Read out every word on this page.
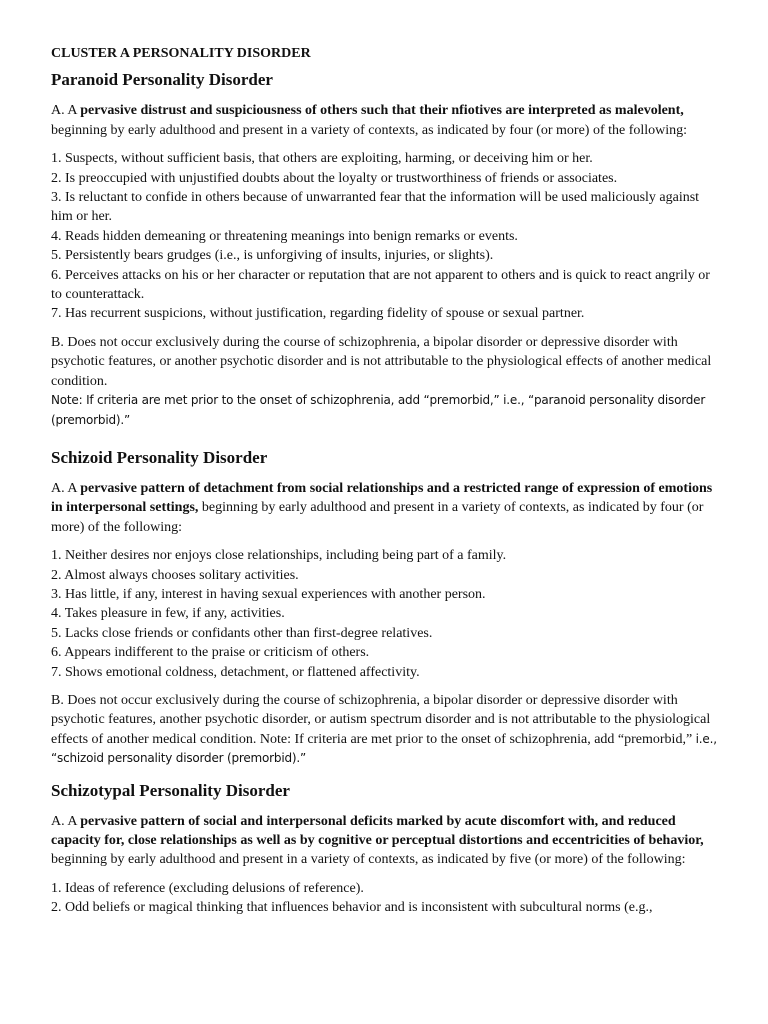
CLUSTER A PERSONALITY DISORDER
Paranoid Personality Disorder

A. A pervasive distrust and suspiciousness of others such that their nfiotives are interpreted as malevolent, beginning by early adulthood and present in a variety of contexts, as indicated by four (or more) of the following:

1. Suspects, without sufficient basis, that others are exploiting, harming, or deceiving him or her.
2. Is preoccupied with unjustified doubts about the loyalty or trustworthiness of friends or associates.
3. Is reluctant to confide in others because of unwarranted fear that the information will be used maliciously against him or her.
4. Reads hidden demeaning or threatening meanings into benign remarks or events.
5. Persistently bears grudges (i.e., is unforgiving of insults, injuries, or slights).
6. Perceives attacks on his or her character or reputation that are not apparent to others and is quick to react angrily or to counterattack.
7. Has recurrent suspicions, without justification, regarding fidelity of spouse or sexual partner.

B. Does not occur exclusively during the course of schizophrenia, a bipolar disorder or depressive disorder with psychotic features, or another psychotic disorder and is not attributable to the physiological effects of another medical condition.

Note: If criteria are met prior to the onset of schizophrenia, add “premorbid,” i.e., “paranoid personality disorder (premorbid).”

Schizoid Personality Disorder

A. A pervasive pattern of detachment from social relationships and a restricted range of expression of emotions in interpersonal settings, beginning by early adulthood and present in a variety of contexts, as indicated by four (or more) of the following:

1. Neither desires nor enjoys close relationships, including being part of a family.
2. Almost always chooses solitary activities.
3. Has little, if any, interest in having sexual experiences with another person.
4. Takes pleasure in few, if any, activities.
5. Lacks close friends or confidants other than first-degree relatives.
6. Appears indifferent to the praise or criticism of others.
7. Shows emotional coldness, detachment, or flattened affectivity.

B. Does not occur exclusively during the course of schizophrenia, a bipolar disorder or depressive disorder with psychotic features, another psychotic disorder, or autism spectrum disorder and is not attributable to the physiological effects of another medical condition. Note: If criteria are met prior to the onset of schizophrenia, add “premorbid,” i.e., “schizoid personality disorder (premorbid).”

Schizotypal Personality Disorder

A. A pervasive pattern of social and interpersonal deficits marked by acute discomfort with, and reduced capacity for, close relationships as well as by cognitive or perceptual distortions and eccentricities of behavior, beginning by early adulthood and present in a variety of contexts, as indicated by five (or more) of the following:

1. Ideas of reference (excluding delusions of reference).
2. Odd beliefs or magical thinking that influences behavior and is inconsistent with subcultural norms (e.g.,
